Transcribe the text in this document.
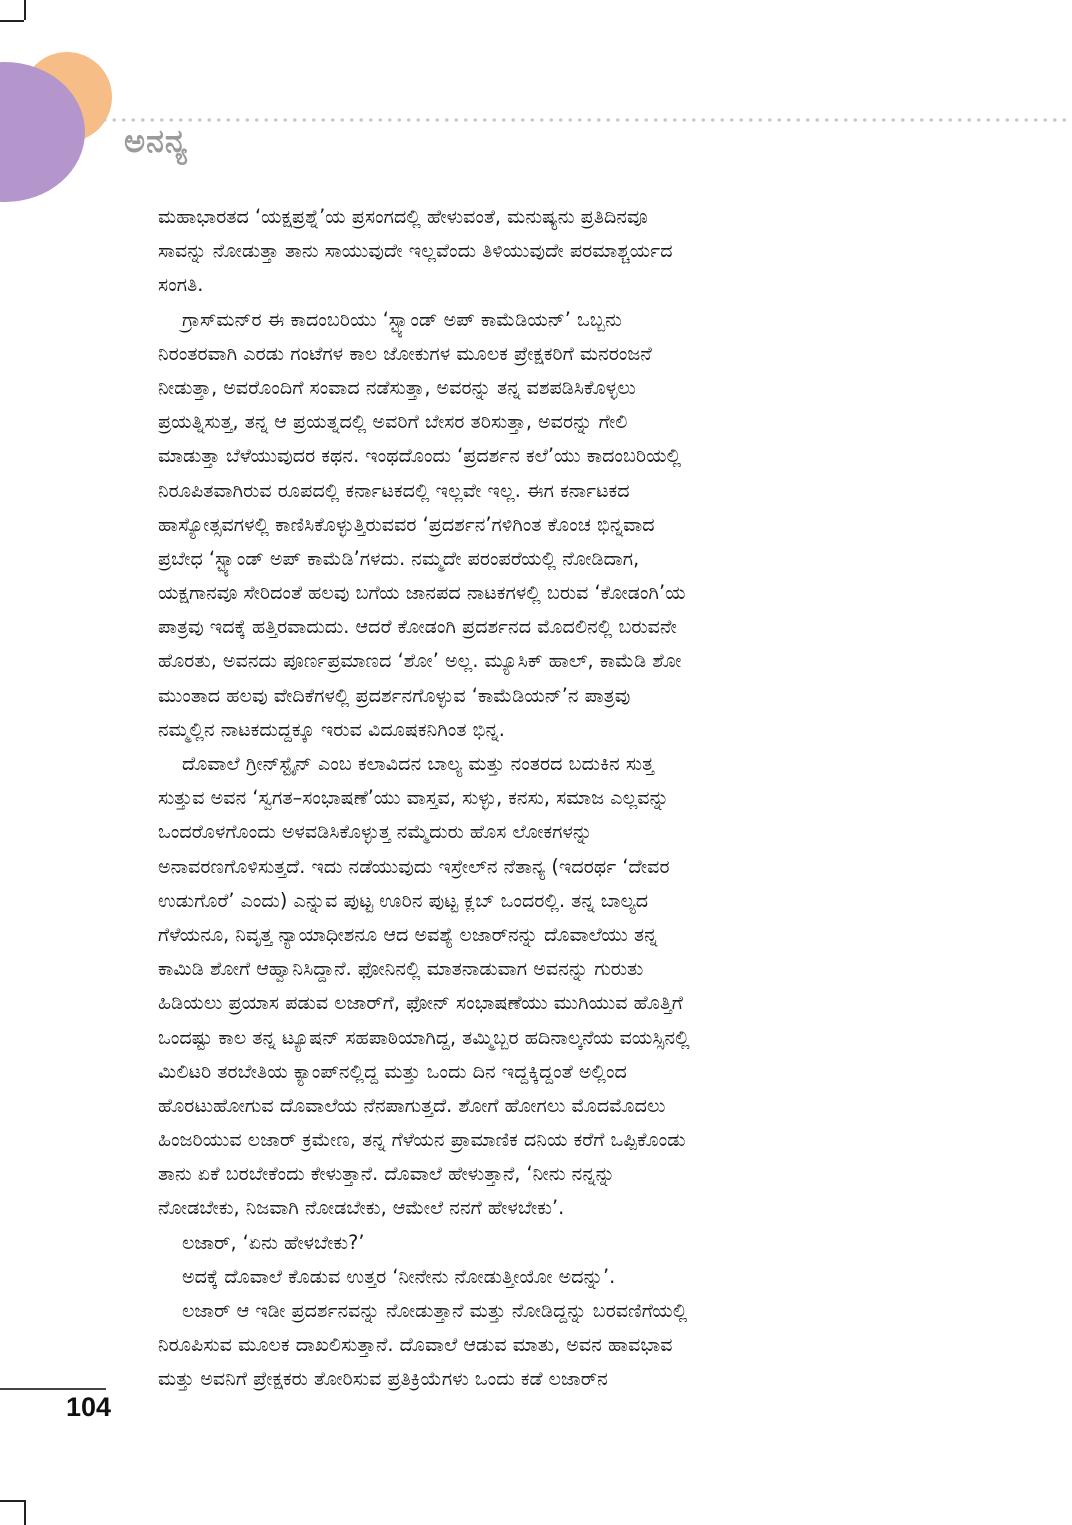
ಅನನ್ಯ
ಮಹಾಭಾರತದ ‘ಯಕ್ಷಪ್ರಶ್ನೆ’ಯ ಪ್ರಸಂಗದಲ್ಲಿ ಹೇಳುವಂತೆ, ಮನುಷ್ಯನು ಪ್ರತಿದಿನವೂ
ಸಾವನ್ನು ನೋಡುತ್ತಾ ತಾನು ಸಾಯುವುದೇ ಇಲ್ಲವೆಂದು ತಿಳಿಯುವುದೇ ಪರಮಾಶ್ಚರ್ಯದ
ಸಂಗತಿ.
ಗ್ರಾಸ್‌ಮನ್‌ರ ಈ ಕಾದಂಬರಿಯು ‘ಸ್ಟ್ಯಾಂಡ್ ಅಪ್ ಕಾಮೆಡಿಯನ್’ ಒಬ್ಬನು
ನಿರಂತರವಾಗಿ ಎರಡು ಗಂಟೆಗಳ ಕಾಲ ಜೋಕುಗಳ ಮೂಲಕ ಪ್ರೇಕ್ಷಕರಿಗೆ ಮನರಂಜನೆ
ನೀಡುತ್ತಾ, ಅವರೊಂದಿಗೆ ಸಂವಾದ ನಡೆಸುತ್ತಾ, ಅವರನ್ನು ತನ್ನ ವಶಪಡಿಸಿಕೊಳ್ಳಲು
ಪ್ರಯತ್ನಿಸುತ್ತ, ತನ್ನ ಆ ಪ್ರಯತ್ನದಲ್ಲಿ ಅವರಿಗೆ ಬೇಸರ ತರಿಸುತ್ತಾ, ಅವರನ್ನು ಗೇಲಿ
ಮಾಡುತ್ತಾ ಬೆಳೆಯುವುದರ ಕಥನ. ಇಂಥದೊಂದು ‘ಪ್ರದರ್ಶನ ಕಲೆ’ಯು ಕಾದಂಬರಿಯಲ್ಲಿ
ನಿರೂಪಿತವಾಗಿರುವ ರೂಪದಲ್ಲಿ ಕರ್ನಾಟಕದಲ್ಲಿ ಇಲ್ಲವೇ ಇಲ್ಲ. ಈಗ ಕರ್ನಾಟಕದ
ಹಾಸ್ಯೋತ್ಸವಗಳಲ್ಲಿ ಕಾಣಿಸಿಕೊಳ್ಳುತ್ತಿರುವವರ ‘ಪ್ರದರ್ಶನ’ಗಳಿಗಿಂತ ಕೊಂಚ ಭಿನ್ನವಾದ
ಪ್ರಬೇಧ ‘ಸ್ಟ್ಯಾಂಡ್ ಅಪ್ ಕಾಮೆಡಿ’ಗಳದು. ನಮ್ಮದೇ ಪರಂಪರೆಯಲ್ಲಿ ನೋಡಿದಾಗ,
ಯಕ್ಷಗಾನವೂ ಸೇರಿದಂತೆ ಹಲವು ಬಗೆಯ ಜಾನಪದ ನಾಟಕಗಳಲ್ಲಿ ಬರುವ ‘ಕೋಡಂಗಿ’ಯ
ಪಾತ್ರವು ಇದಕ್ಕೆ ಹತ್ತಿರವಾದುದು. ಆದರೆ ಕೋಡಂಗಿ ಪ್ರದರ್ಶನದ ಮೊದಲಿನಲ್ಲಿ ಬರುವನೇ
ಹೊರತು, ಅವನದು ಪೂರ್ಣಪ್ರಮಾಣದ ‘ಶೋ’ ಅಲ್ಲ. ಮ್ಯೂಸಿಕ್ ಹಾಲ್, ಕಾಮೆಡಿ ಶೋ
ಮುಂತಾದ ಹಲವು ವೇದಿಕೆಗಳಲ್ಲಿ ಪ್ರದರ್ಶನಗೊಳ್ಳುವ ‘ಕಾಮೆಡಿಯನ್’ನ ಪಾತ್ರವು
ನಮ್ಮಲ್ಲಿನ ನಾಟಕದುದ್ದಕ್ಕೂ ಇರುವ ವಿದೂಷಕನಿಗಿಂತ ಭಿನ್ನ.
ದೊವಾಲೆ ಗ್ರೀನ್‌ಸ್ಟೈನ್ ಎಂಬ ಕಲಾವಿದನ ಬಾಲ್ಯ ಮತ್ತು ನಂತರದ ಬದುಕಿನ ಸುತ್ತ
ಸುತ್ತುವ ಅವನ ‘ಸ್ವಗತ–ಸಂಭಾಷಣೆ’ಯು ವಾಸ್ತವ, ಸುಳ್ಳು, ಕನಸು, ಸಮಾಜ ಎಲ್ಲವನ್ನು
ಒಂದರೊಳಗೊಂದು ಅಳವಡಿಸಿಕೊಳ್ಳುತ್ತ ನಮ್ಮೆದುರು ಹೊಸ ಲೋಕಗಳನ್ನು
ಅನಾವರಣಗೊಳಿಸುತ್ತದೆ. ಇದು ನಡೆಯುವುದು ಇಸ್ರೇಲ್‌ನ ನೆತಾನ್ಯ (ಇದರರ್ಥ ‘ದೇವರ
ಉಡುಗೊರೆ’ ಎಂದು) ಎನ್ನುವ ಪುಟ್ಟ ಊರಿನ ಪುಟ್ಟ ಕ್ಲಬ್ ಒಂದರಲ್ಲಿ. ತನ್ನ ಬಾಲ್ಯದ
ಗೆಳೆಯನೂ, ನಿವೃತ್ತ ನ್ಯಾಯಾಧೀಶನೂ ಆದ ಅವಶ್ಯೆ ಲಜಾರ್‌ನನ್ನು ದೊವಾಲೆಯು ತನ್ನ
ಕಾಮಿಡಿ ಶೋಗೆ ಆಹ್ವಾನಿಸಿದ್ದಾನೆ. ಫೋನಿನಲ್ಲಿ ಮಾತನಾಡುವಾಗ ಅವನನ್ನು ಗುರುತು
ಹಿಡಿಯಲು ಪ್ರಯಾಸ ಪಡುವ ಲಜಾರ್‌ಗೆ, ಫೋನ್ ಸಂಭಾಷಣೆಯು ಮುಗಿಯುವ ಹೊತ್ತಿಗೆ
ಒಂದಷ್ಟು ಕಾಲ ತನ್ನ ಟ್ಯೂಷನ್ ಸಹಪಾಠಿಯಾಗಿದ್ದ, ತಮ್ಮಿಬ್ಬರ ಹದಿನಾಲ್ಕನೆಯ ವಯಸ್ಸಿನಲ್ಲಿ
ಮಿಲಿಟರಿ ತರಬೇತಿಯ ಕ್ಯಾಂಪ್‌ನಲ್ಲಿದ್ದ ಮತ್ತು ಒಂದು ದಿನ ಇದ್ದಕ್ಕಿದ್ದಂತೆ ಅಲ್ಲಿಂದ
ಹೊರಟುಹೋಗುವ ದೊವಾಲೆಯ ನೆನಪಾಗುತ್ತದೆ. ಶೋಗೆ ಹೋಗಲು ಮೊದಮೊದಲು
ಹಿಂಜರಿಯುವ ಲಜಾರ್ ಕ್ರಮೇಣ, ತನ್ನ ಗೆಳೆಯನ ಪ್ರಾಮಾಣಿಕ ದನಿಯ ಕರೆಗೆ ಒಪ್ಪಿಕೊಂಡು
ತಾನು ಏಕೆ ಬರಬೇಕೆಂದು ಕೇಳುತ್ತಾನೆ. ದೊವಾಲೆ ಹೇಳುತ್ತಾನೆ, ‘ನೀನು ನನ್ನನ್ನು
ನೋಡಬೇಕು, ನಿಜವಾಗಿ ನೋಡಬೇಕು, ಆಮೇಲೆ ನನಗೆ ಹೇಳಬೇಕು’.
ಲಜಾರ್, ‘ಏನು ಹೇಳಬೇಕು?’
ಅದಕ್ಕೆ ದೊವಾಲೆ ಕೊಡುವ ಉತ್ತರ ‘ನೀನೇನು ನೋಡುತ್ತೀಯೋ ಅದನ್ನು’.
ಲಜಾರ್ ಆ ಇಡೀ ಪ್ರದರ್ಶನವನ್ನು ನೋಡುತ್ತಾನೆ ಮತ್ತು ನೋಡಿದ್ದನ್ನು ಬರವಣಿಗೆಯಲ್ಲಿ
ನಿರೂಪಿಸುವ ಮೂಲಕ ದಾಖಲಿಸುತ್ತಾನೆ. ದೊವಾಲೆ ಆಡುವ ಮಾತು, ಅವನ ಹಾವಭಾವ
ಮತ್ತು ಅವನಿಗೆ ಪ್ರೇಕ್ಷಕರು ತೋರಿಸುವ ಪ್ರತಿಕ್ರಿಯೆಗಳು ಒಂದು ಕಡೆ ಲಜಾರ್‌ನ
104
